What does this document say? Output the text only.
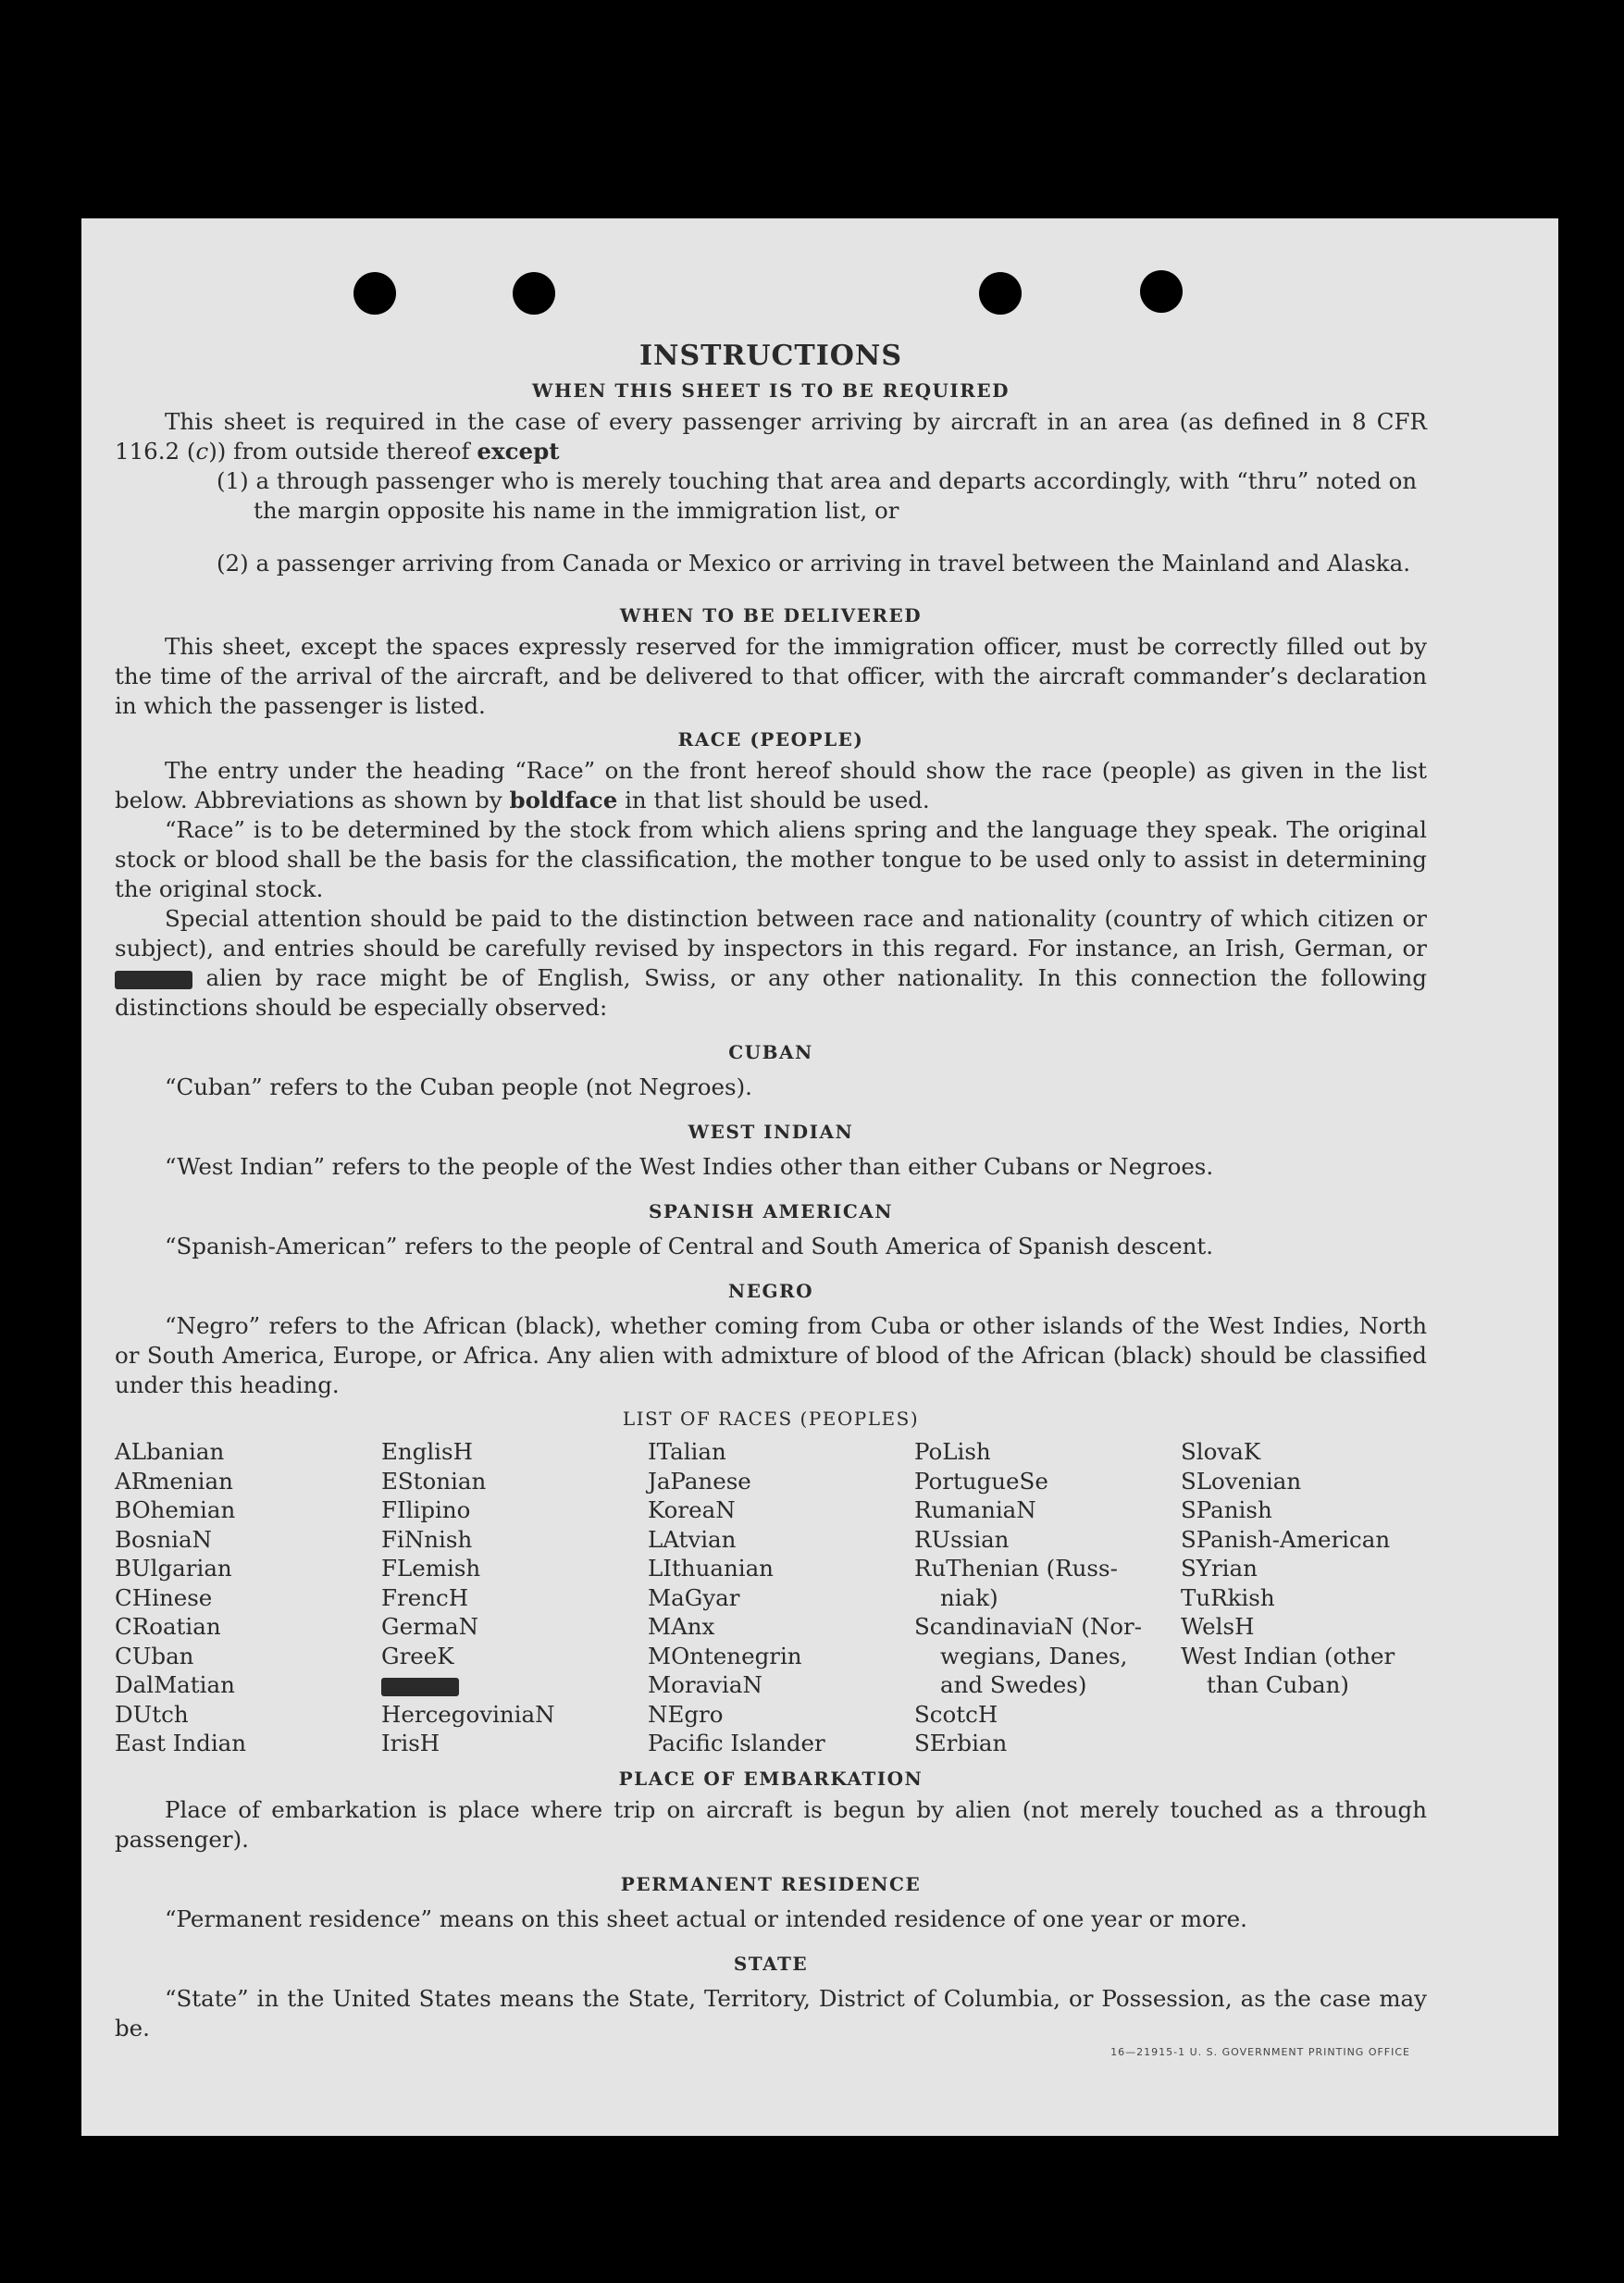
INSTRUCTIONS
WHEN THIS SHEET IS TO BE REQUIRED

This sheet is required in the case of every passenger arriving by aircraft in an area (as defined in 8 CFR 116.2 (c)) from outside thereof except

(1) a through passenger who is merely touching that area and departs accordingly, with “thru” noted on the margin opposite his name in the immigration list, or

(2) a passenger arriving from Canada or Mexico or arriving in travel between the Mainland and Alaska.

WHEN TO BE DELIVERED

This sheet, except the spaces expressly reserved for the immigration officer, must be correctly filled out by the time of the arrival of the aircraft, and be delivered to that officer, with the aircraft commander’s declaration in which the passenger is listed.

RACE (PEOPLE)

The entry under the heading “Race” on the front hereof should show the race (people) as given in the list below. Abbreviations as shown by boldface in that list should be used.

“Race” is to be determined by the stock from which aliens spring and the language they speak. The original stock or blood shall be the basis for the classification, the mother tongue to be used only to assist in determining the original stock.

Special attention should be paid to the distinction between race and nationality (country of which citizen or subject), and entries should be carefully revised by inspectors in this regard. For instance, an Irish, German, or  alien by race might be of English, Swiss, or any other nationality. In this connection the following distinctions should be especially observed:

CUBAN

“Cuban” refers to the Cuban people (not Negroes).

WEST INDIAN

“West Indian” refers to the people of the West Indies other than either Cubans or Negroes.

SPANISH AMERICAN

“Spanish-American” refers to the people of Central and South America of Spanish descent.

NEGRO

“Negro” refers to the African (black), whether coming from Cuba or other islands of the West Indies, North or South America, Europe, or Africa. Any alien with admixture of blood of the African (black) should be classified under this heading.

LIST OF RACES (PEOPLES)
ALbanian
ARmenian
BOhemian
BosniaN
BUlgarian
CHinese
CRoatian
CUban
DalMatian
DUtch
East Indian
EnglisH
EStonian
FIlipino
FiNnish
FLemish
FrencH
GermaN
GreeK
HercegoviniaN
IrisH
ITalian
JaPanese
KoreaN
LAtvian
LIthuanian
MaGyar
MAnx
MOntenegrin
MoraviaN
NEgro
Pacific Islander
PoLish
PortugueSe
RumaniaN
RUssian
RuThenian (Russ-
niak)
ScandinaviaN (Nor-
wegians, Danes,
and Swedes)
ScotcH
SErbian
SlovaK
SLovenian
SPanish
SPanish-American
SYrian
TuRkish
WelsH
West Indian (other
than Cuban)
PLACE OF EMBARKATION

Place of embarkation is place where trip on aircraft is begun by alien (not merely touched as a through passenger).

PERMANENT RESIDENCE

“Permanent residence” means on this sheet actual or intended residence of one year or more.

STATE

“State” in the United States means the State, Territory, District of Columbia, or Possession, as the case may be.

16—21915-1 U. S. GOVERNMENT PRINTING OFFICE
